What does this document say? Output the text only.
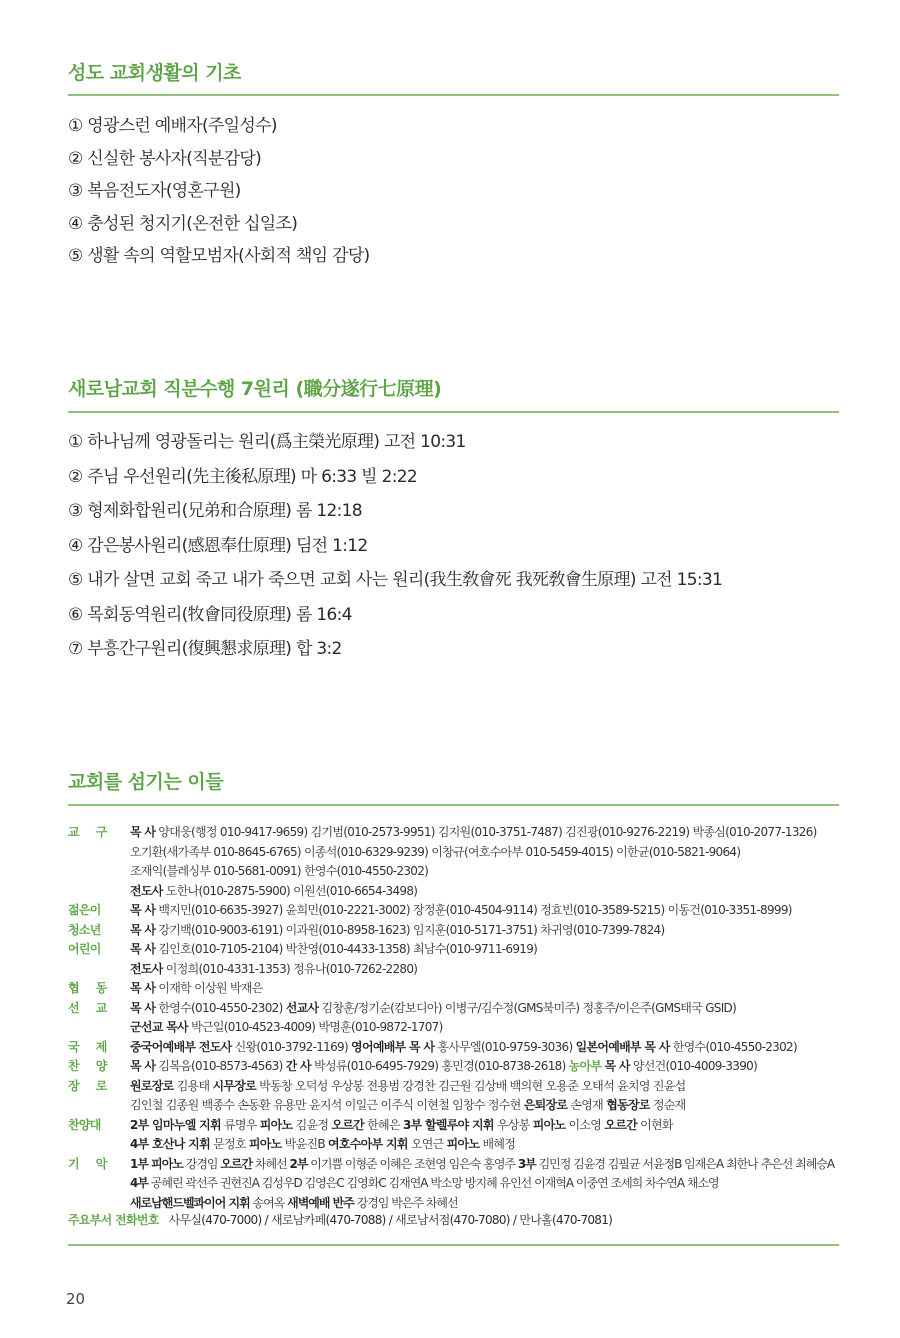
성도 교회생활의 기초
① 영광스런 예배자(주일성수)
② 신실한 봉사자(직분감당)
③ 복음전도자(영혼구원)
④ 충성된 청지기(온전한 십일조)
⑤ 생활 속의 역할모범자(사회적 책임 감당)
새로남교회 직분수행 7원리 (職分遂行七原理)
① 하나님께 영광돌리는 원리(爲主榮光原理) 고전 10:31
② 주님 우선원리(先主後私原理) 마 6:33 빌 2:22
③ 형제화합원리(兄弟和合原理) 롬 12:18
④ 감은봉사원리(感恩奉仕原理) 딤전 1:12
⑤ 내가 살면 교회 죽고 내가 죽으면 교회 사는 원리(我生敎會死 我死敎會生原理) 고전 15:31
⑥ 목회동역원리(牧會同役原理) 롬 16:4
⑦ 부흥간구원리(復興懇求原理) 합 3:2
교회를 섬기는 이들
교 구	목 사 양대웅(행정 010-9417-9659) 김기범(010-2573-9951) 김지원(010-3751-7487) 김진광(010-9276-2219) 박종심(010-2077-1326)
오기환(새가족부 010-8645-6765) 이종석(010-6329-9239) 이창규(여호수아부 010-5459-4015) 이한균(010-5821-9064)
조재익(블레싱부 010-5681-0091) 한영수(010-4550-2302)
전도사 도한나(010-2875-5900) 이원선(010-6654-3498)
젊은이	목 사 백지민(010-6635-3927) 윤희민(010-2221-3002) 장정훈(010-4504-9114) 정효빈(010-3589-5215) 이동건(010-3351-8999)
청소년	목 사 강기백(010-9003-6191) 이과원(010-8958-1623) 임지훈(010-5171-3751) 차귀영(010-7399-7824)
어린이	목 사 김인호(010-7105-2104) 박찬영(010-4433-1358) 최남수(010-9711-6919)
전도사 이정희(010-4331-1353) 정유나(010-7262-2280)
협 동	목 사 이재학 이상원 박재은
선 교	목 사 한영수(010-4550-2302) 선교사 김창훈/정기순(캄보디아) 이병구/김수정(GMS북미주) 정홍주/이은주(GMS태국 GSID)
군선교 목사 박근일(010-4523-4009) 박명훈(010-9872-1707)
국 제	중국어예배부 전도사 신왕(010-3792-1169) 영어예배부 목 사 홍사무엘(010-9759-3036) 일본어예배부 목 사 한영수(010-4550-2302)
찬 양	목 사 김복음(010-8573-4563) 간 사 박성류(010-6495-7929) 홍민경(010-8738-2618) 농아부 목 사 양선건(010-4009-3390)
장 로	원로장로 김용태 시무장로 박동창 오덕성 우상봉 전용범 강경찬 김근원 김상배 백의현 오용준 오태석 윤치영 진윤섭
김인철 김종원 백종수 손동환 유용만 윤지석 이일근 이주식 이현철 임창수 정수현 은퇴장로 손영재 협동장로 정순재
찬양대	2부 임마누엘 지휘 류명우 피아노 김윤정 오르간 한혜은 3부 할렐루야 지휘 우상봉 피아노 이소영 오르간 이현화
4부 호산나 지휘 문정호 피아노 박윤진B 여호수아부 지휘 오연근 피아노 배혜정
기 악	1부 피아노 강경임 오르간 차혜선 2부 이기쁨 이형준 이혜은 조현영 임은숙 홍영주 3부 김민정 김윤경 김필균 서윤정B 임재은A 최한나 추은선 최혜승A
4부 공혜린 곽선주 권현진A 김성우D 김영은C 김영화C 김재연A 박소망 방지혜 유인선 이재혁A 이중연 조세희 차수연A 채소영
새로남핸드벨콰이어 지휘 송여옥 새벽예배 반주 강경임 박은주 차혜선
주요부서 전화번호 사무실(470-7000) / 새로남카페(470-7088) / 새로남서점(470-7080) / 만나홀(470-7081)
20
